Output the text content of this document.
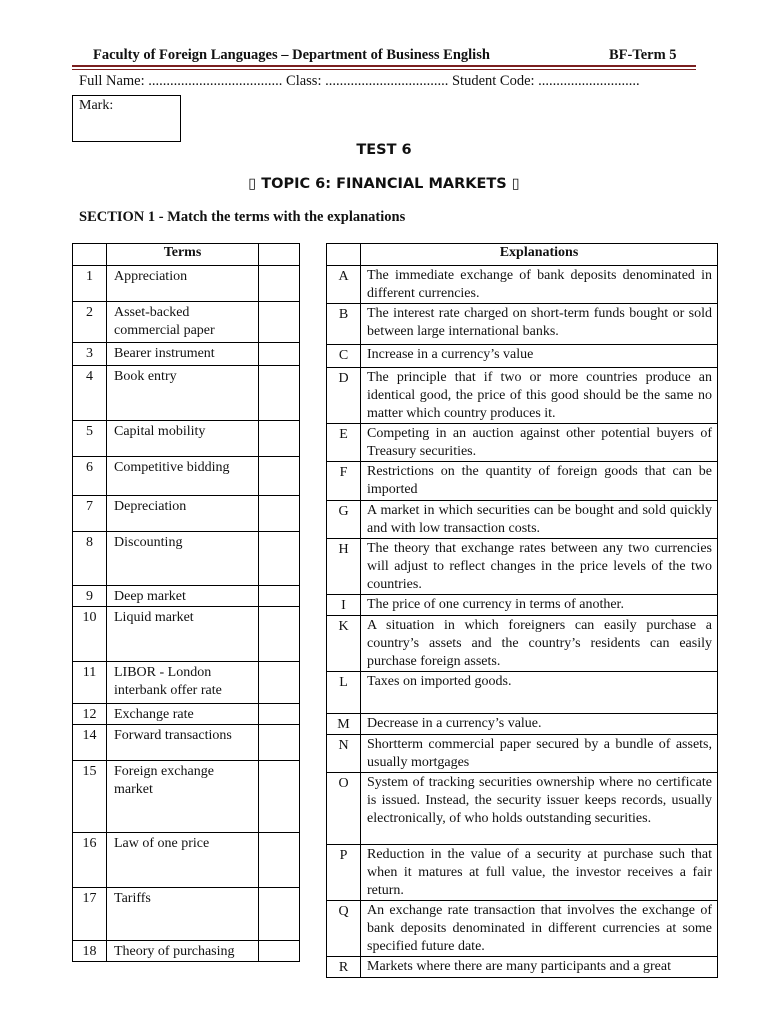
Faculty of Foreign Languages – Department of Business English	BF-Term 5
Full Name: ..................................... Class: .................................. Student Code: ............................
Mark:
TEST 6
▯ TOPIC 6: FINANCIAL MARKETS ▯
SECTION 1 - Match the terms with the explanations
	Terms	
1	Appreciation	
2	Asset-backed commercial paper	
3	Bearer instrument	
4	Book entry	
5	Capital mobility	
6	Competitive bidding	
7	Depreciation	
8	Discounting	
9	Deep market	
10	Liquid market	
11	LIBOR - London interbank offer rate	
12	Exchange rate	
14	Forward transactions	
15	Foreign exchange market	
16	Law of one price	
17	Tariffs	
18	Theory of purchasing	
	Explanations
A	The immediate exchange of bank deposits denominated in different currencies.
B	The interest rate charged on short-term funds bought or sold between large international banks.
C	Increase in a currency’s value
D	The principle that if two or more countries produce an identical good, the price of this good should be the same no matter which country produces it.
E	Competing in an auction against other potential buyers of Treasury securities.
F	Restrictions on the quantity of foreign goods that can be imported
G	A market in which securities can be bought and sold quickly and with low transaction costs.
H	The theory that exchange rates between any two currencies will adjust to reflect changes in the price levels of the two countries.
I	The price of one currency in terms of another.
K	A situation in which foreigners can easily purchase a country’s assets and the country’s residents can easily purchase foreign assets.
L	Taxes on imported goods.
M	Decrease in a currency’s value.
N	Shortterm commercial paper secured by a bundle of assets, usually mortgages
O	System of tracking securities ownership where no certificate is issued. Instead, the security issuer keeps records, usually electronically, of who holds outstanding securities.
P	Reduction in the value of a security at purchase such that when it matures at full value, the investor receives a fair return.
Q	An exchange rate transaction that involves the exchange of bank deposits denominated in different currencies at some specified future date.
R	Markets where there are many participants and a great
